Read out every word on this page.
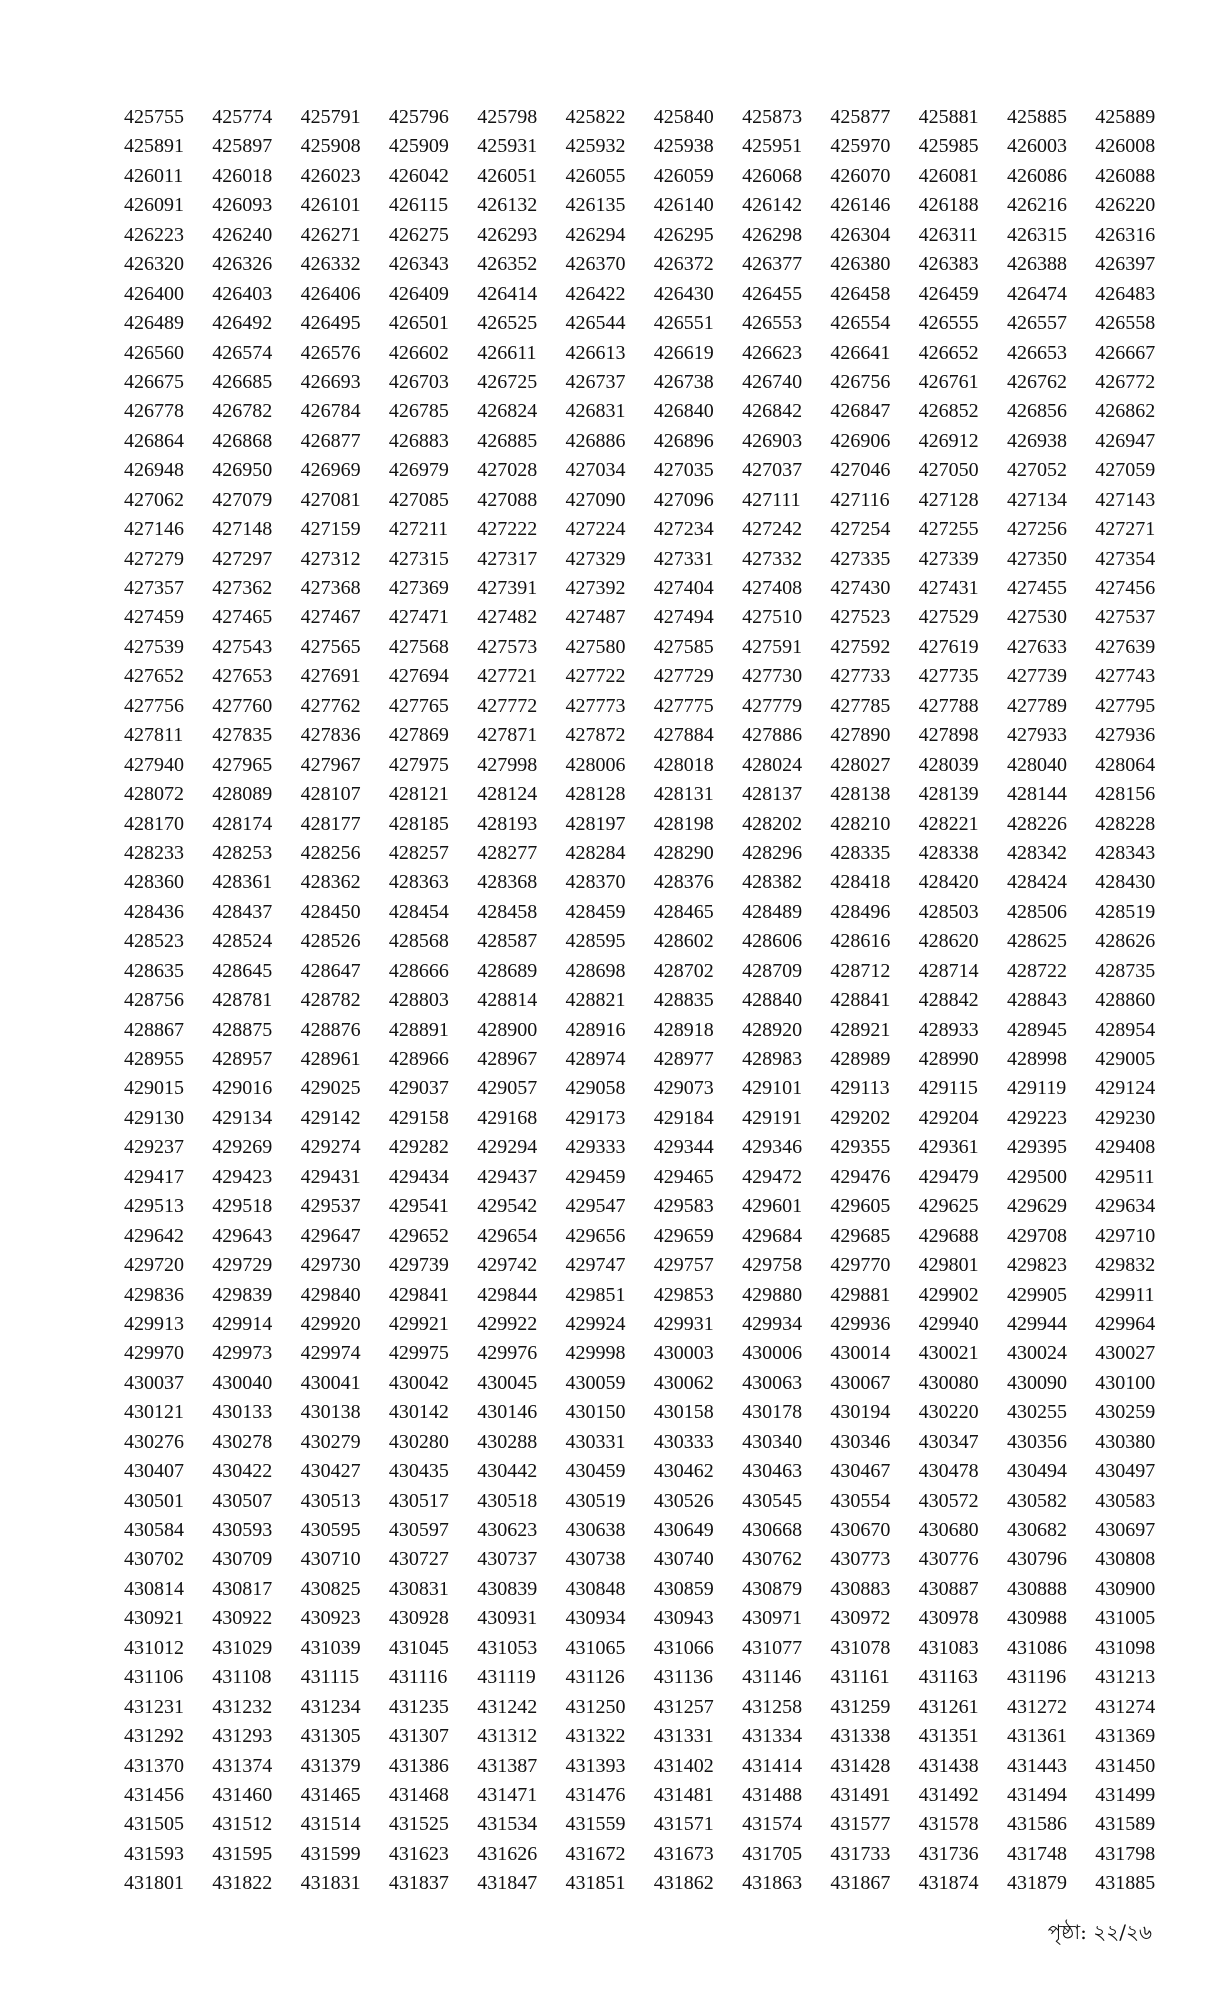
425755	425774	425791	425796	425798	425822	425840	425873	425877	425881	425885	425889
425891	425897	425908	425909	425931	425932	425938	425951	425970	425985	426003	426008
426011	426018	426023	426042	426051	426055	426059	426068	426070	426081	426086	426088
426091	426093	426101	426115	426132	426135	426140	426142	426146	426188	426216	426220
426223	426240	426271	426275	426293	426294	426295	426298	426304	426311	426315	426316
426320	426326	426332	426343	426352	426370	426372	426377	426380	426383	426388	426397
426400	426403	426406	426409	426414	426422	426430	426455	426458	426459	426474	426483
426489	426492	426495	426501	426525	426544	426551	426553	426554	426555	426557	426558
426560	426574	426576	426602	426611	426613	426619	426623	426641	426652	426653	426667
426675	426685	426693	426703	426725	426737	426738	426740	426756	426761	426762	426772
426778	426782	426784	426785	426824	426831	426840	426842	426847	426852	426856	426862
426864	426868	426877	426883	426885	426886	426896	426903	426906	426912	426938	426947
426948	426950	426969	426979	427028	427034	427035	427037	427046	427050	427052	427059
427062	427079	427081	427085	427088	427090	427096	427111	427116	427128	427134	427143
427146	427148	427159	427211	427222	427224	427234	427242	427254	427255	427256	427271
427279	427297	427312	427315	427317	427329	427331	427332	427335	427339	427350	427354
427357	427362	427368	427369	427391	427392	427404	427408	427430	427431	427455	427456
427459	427465	427467	427471	427482	427487	427494	427510	427523	427529	427530	427537
427539	427543	427565	427568	427573	427580	427585	427591	427592	427619	427633	427639
427652	427653	427691	427694	427721	427722	427729	427730	427733	427735	427739	427743
427756	427760	427762	427765	427772	427773	427775	427779	427785	427788	427789	427795
427811	427835	427836	427869	427871	427872	427884	427886	427890	427898	427933	427936
427940	427965	427967	427975	427998	428006	428018	428024	428027	428039	428040	428064
428072	428089	428107	428121	428124	428128	428131	428137	428138	428139	428144	428156
428170	428174	428177	428185	428193	428197	428198	428202	428210	428221	428226	428228
428233	428253	428256	428257	428277	428284	428290	428296	428335	428338	428342	428343
428360	428361	428362	428363	428368	428370	428376	428382	428418	428420	428424	428430
428436	428437	428450	428454	428458	428459	428465	428489	428496	428503	428506	428519
428523	428524	428526	428568	428587	428595	428602	428606	428616	428620	428625	428626
428635	428645	428647	428666	428689	428698	428702	428709	428712	428714	428722	428735
428756	428781	428782	428803	428814	428821	428835	428840	428841	428842	428843	428860
428867	428875	428876	428891	428900	428916	428918	428920	428921	428933	428945	428954
428955	428957	428961	428966	428967	428974	428977	428983	428989	428990	428998	429005
429015	429016	429025	429037	429057	429058	429073	429101	429113	429115	429119	429124
429130	429134	429142	429158	429168	429173	429184	429191	429202	429204	429223	429230
429237	429269	429274	429282	429294	429333	429344	429346	429355	429361	429395	429408
429417	429423	429431	429434	429437	429459	429465	429472	429476	429479	429500	429511
429513	429518	429537	429541	429542	429547	429583	429601	429605	429625	429629	429634
429642	429643	429647	429652	429654	429656	429659	429684	429685	429688	429708	429710
429720	429729	429730	429739	429742	429747	429757	429758	429770	429801	429823	429832
429836	429839	429840	429841	429844	429851	429853	429880	429881	429902	429905	429911
429913	429914	429920	429921	429922	429924	429931	429934	429936	429940	429944	429964
429970	429973	429974	429975	429976	429998	430003	430006	430014	430021	430024	430027
430037	430040	430041	430042	430045	430059	430062	430063	430067	430080	430090	430100
430121	430133	430138	430142	430146	430150	430158	430178	430194	430220	430255	430259
430276	430278	430279	430280	430288	430331	430333	430340	430346	430347	430356	430380
430407	430422	430427	430435	430442	430459	430462	430463	430467	430478	430494	430497
430501	430507	430513	430517	430518	430519	430526	430545	430554	430572	430582	430583
430584	430593	430595	430597	430623	430638	430649	430668	430670	430680	430682	430697
430702	430709	430710	430727	430737	430738	430740	430762	430773	430776	430796	430808
430814	430817	430825	430831	430839	430848	430859	430879	430883	430887	430888	430900
430921	430922	430923	430928	430931	430934	430943	430971	430972	430978	430988	431005
431012	431029	431039	431045	431053	431065	431066	431077	431078	431083	431086	431098
431106	431108	431115	431116	431119	431126	431136	431146	431161	431163	431196	431213
431231	431232	431234	431235	431242	431250	431257	431258	431259	431261	431272	431274
431292	431293	431305	431307	431312	431322	431331	431334	431338	431351	431361	431369
431370	431374	431379	431386	431387	431393	431402	431414	431428	431438	431443	431450
431456	431460	431465	431468	431471	431476	431481	431488	431491	431492	431494	431499
431505	431512	431514	431525	431534	431559	431571	431574	431577	431578	431586	431589
431593	431595	431599	431623	431626	431672	431673	431705	431733	431736	431748	431798
431801	431822	431831	431837	431847	431851	431862	431863	431867	431874	431879	431885
পৃষ্ঠা: ২২/২৬
